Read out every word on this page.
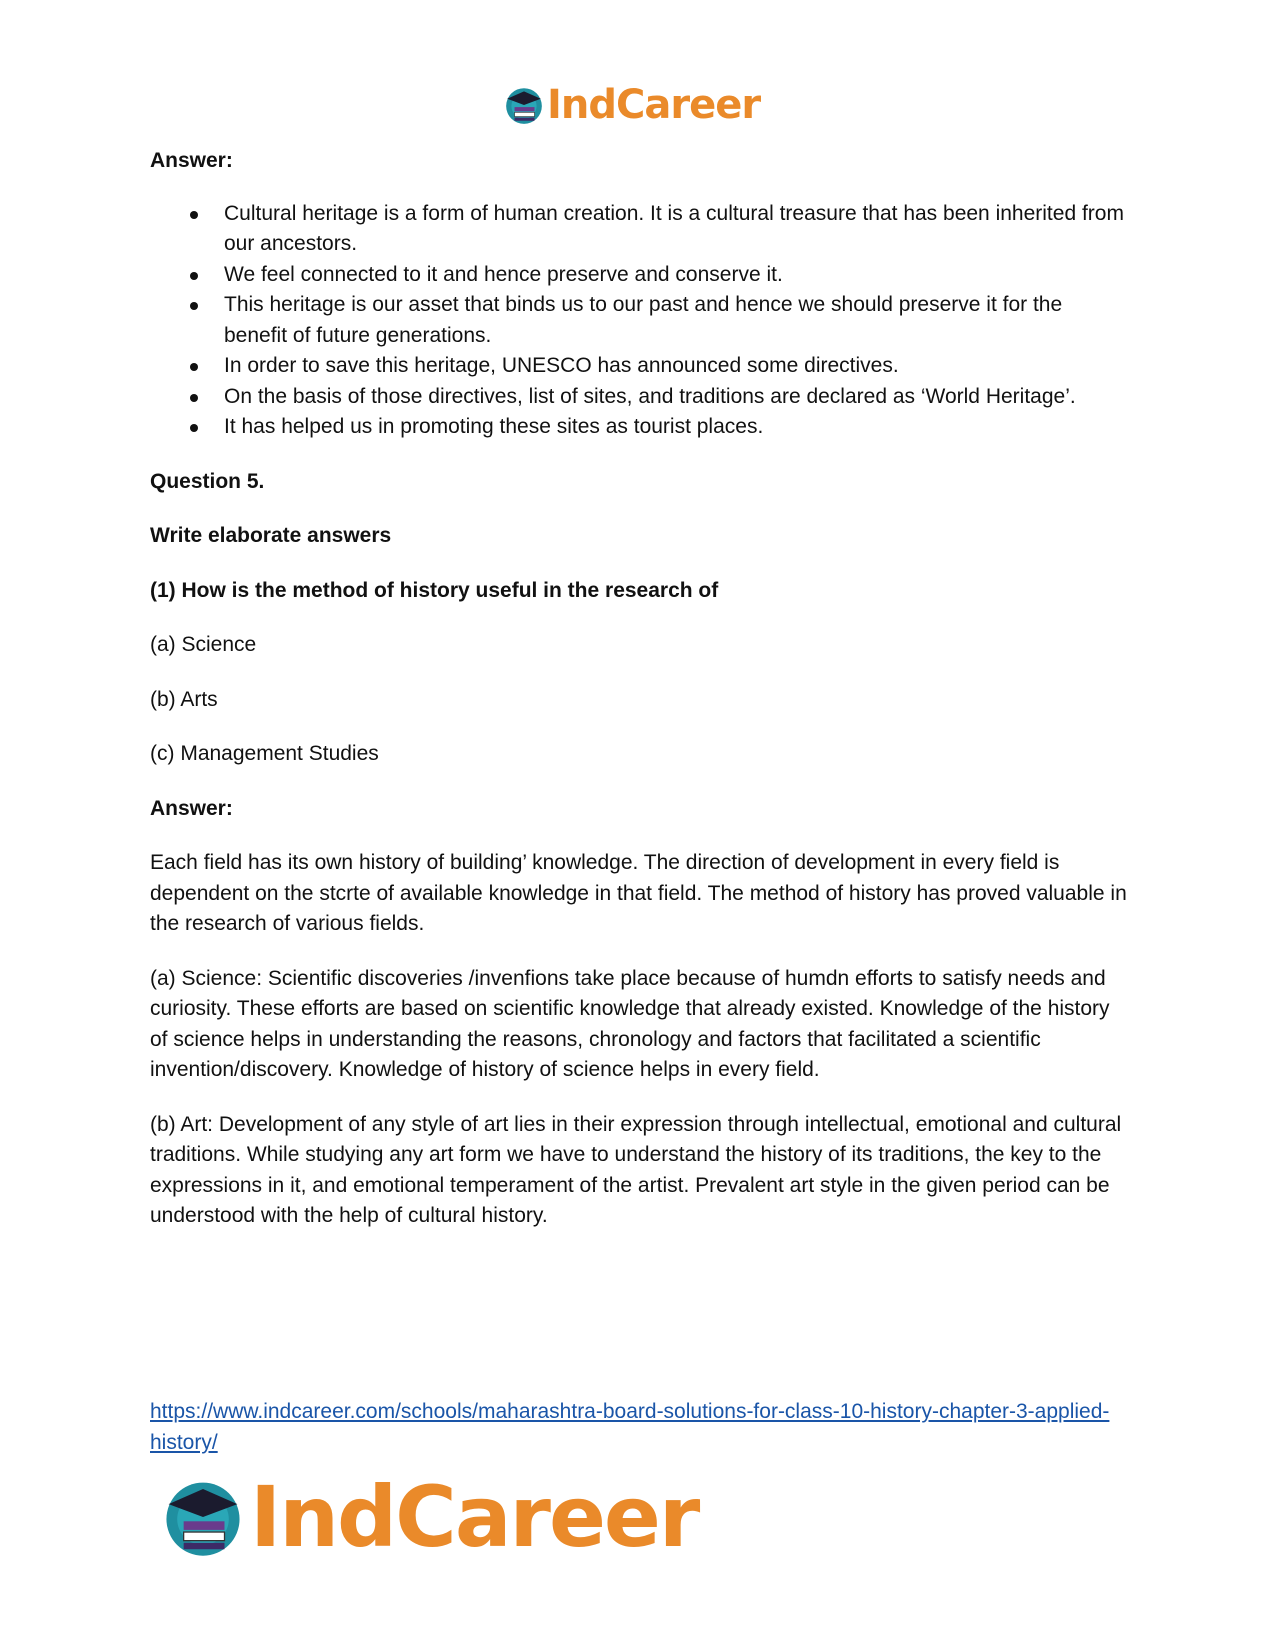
IndCareer

Answer:

Cultural heritage is a form of human creation. It is a cultural treasure that has been inherited from our ancestors.
We feel connected to it and hence preserve and conserve it.
This heritage is our asset that binds us to our past and hence we should preserve it for the benefit of future generations.
In order to save this heritage, UNESCO has announced some directives.
On the basis of those directives, list of sites, and traditions are declared as ‘World Heritage’.
It has helped us in promoting these sites as tourist places.

Question 5.

Write elaborate answers

(1) How is the method of history useful in the research of

(a) Science

(b) Arts

(c) Management Studies

Answer:

Each field has its own history of building’ knowledge. The direction of development in every field is dependent on the stcrte of available knowledge in that field. The method of history has proved valuable in the research of various fields.

(a) Science: Scientific discoveries /invenfions take place because of humdn efforts to satisfy needs and curiosity. These efforts are based on scientific knowledge that already existed. Knowledge of the history of science helps in understanding the reasons, chronology and factors that facilitated a scientific invention/discovery. Knowledge of history of science helps in every field.

(b) Art: Development of any style of art lies in their expression through intellectual, emotional and cultural traditions. While studying any art form we have to understand the history of its traditions, the key to the expressions in it, and emotional temperament of the artist. Prevalent art style in the given period can be understood with the help of cultural history.

https://www.indcareer.com/schools/maharashtra-board-solutions-for-class-10-history-chapter-3-applied-history/
IndCareer
